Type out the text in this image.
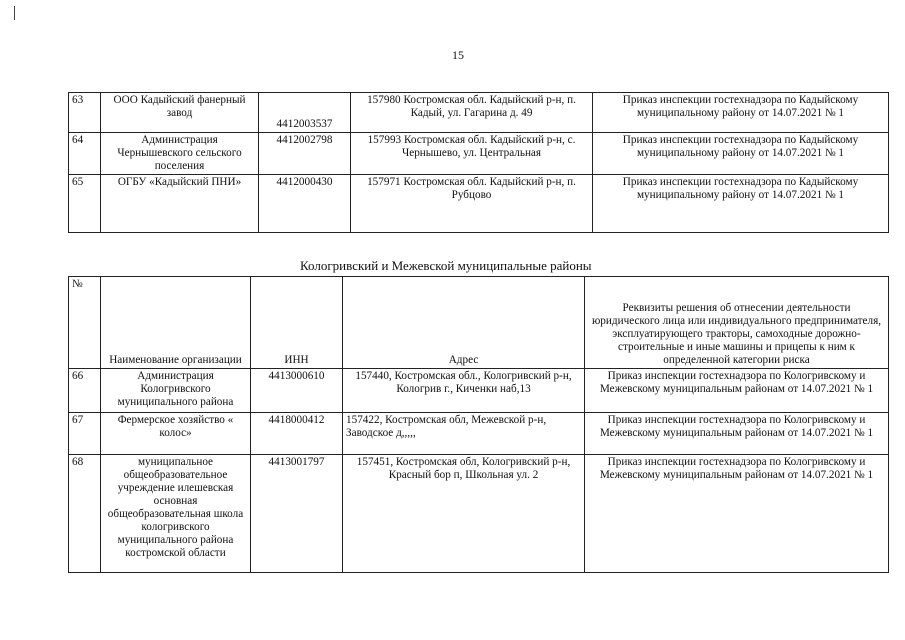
15
63	ООО Кадыйский фанерный завод	4412003537	157980 Костромская обл. Кадыйский р-н, п. Кадый, ул. Гагарина д. 49	Приказ инспекции гостехнадзора по Кадыйскому муниципальному району от 14.07.2021 № 1
64	Администрация Чернышевского сельского поселения	4412002798	157993 Костромская обл. Кадыйский р-н, с. Чернышево, ул. Центральная	Приказ инспекции гостехнадзора по Кадыйскому муниципальному району от 14.07.2021 № 1
65	ОГБУ «Кадыйский ПНИ»	4412000430	157971 Костромская обл. Кадыйский р-н, п. Рубцово	Приказ инспекции гостехнадзора по Кадыйскому муниципальному району от 14.07.2021 № 1
Кологривский и Межевской муниципальные районы
№	Наименование организации	ИНН	Адрес	Реквизиты решения об отнесении деятельности юридического лица или индивидуального предпринимателя, эксплуатирующего тракторы, самоходные дорожно-строительные и иные машины и прицепы к ним к определенной категории риска
66	Администрация Кологривского муниципального района	4413000610	157440, Костромская обл., Кологривский р-н, Кологрив г., Киченки наб,13	Приказ инспекции гостехнадзора по Кологривскому и Межевскому муниципальным районам от 14.07.2021 № 1
67	Фермерское хозяйство « колос»	4418000412	157422, Костромская обл, Межевской р-н, Заводское д,,,,,	Приказ инспекции гостехнадзора по Кологривскому и Межевскому муниципальным районам от 14.07.2021 № 1
68	муниципальное общеобразовательное учреждение илешевская основная общеобразовательная школа кологривского муниципального района костромской области	4413001797	157451, Костромская обл, Кологривский р-н, Красный бор п, Школьная ул. 2	Приказ инспекции гостехнадзора по Кологривскому и Межевскому муниципальным районам от 14.07.2021 № 1
